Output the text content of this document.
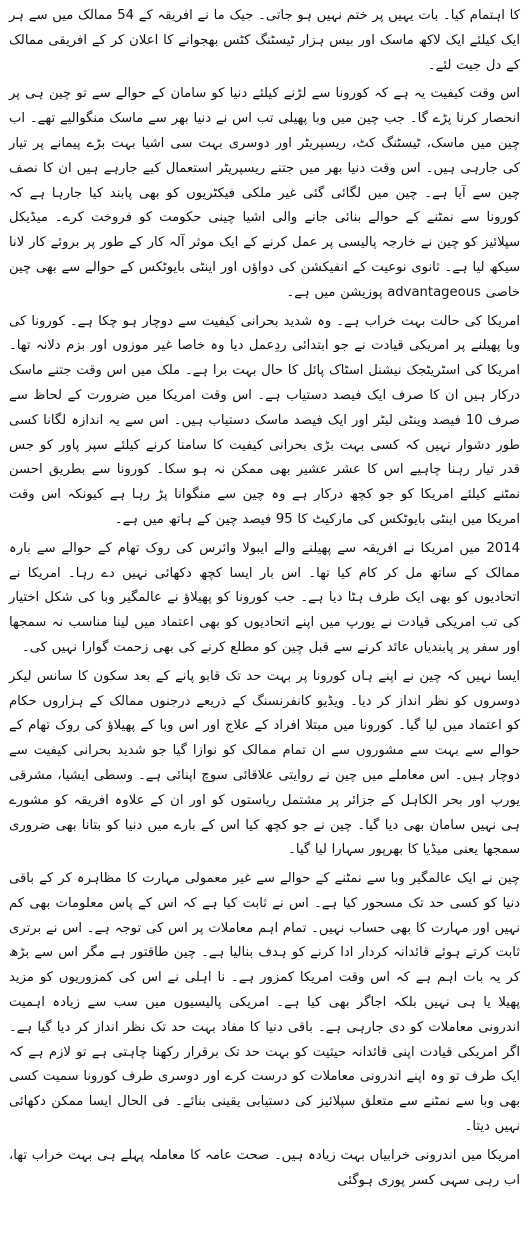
کا اہتمام کیا۔ بات یہیں پر ختم نہیں ہو جاتی۔ جیک ما نے افریقہ کے 54 ممالک میں سے ہر ایک کیلئے ایک لاکھ ماسک اور بیس ہزار ٹیسٹنگ کٹس بھجوانے کا اعلان کر کے افریقی ممالک کے دل جیت لئے۔

اس وقت کیفیت یہ ہے کہ کورونا سے لڑنے کیلئے دنیا کو سامان کے حوالے سے تو چین ہی پر انحصار کرنا پڑے گا۔ جب چین میں وبا پھیلی تب اس نے دنیا بھر سے ماسک منگوالیے تھے۔ اب چین میں ماسک، ٹیسٹنگ کٹ، ریسپریٹر اور دوسری بہت سی اشیا بہت بڑے پیمانے پر تیار کی جارہی ہیں۔ اس وقت دنیا بھر میں جتنے ریسپریٹر استعمال کیے جارہے ہیں ان کا نصف چین سے آیا ہے۔ چین میں لگائی گئی غیر ملکی فیکٹریوں کو بھی پابند کیا جارہا ہے کہ کورونا سے نمٹنے کے حوالے بنائی جانے والی اشیا چینی حکومت کو فروخت کرے۔ میڈیکل سپلائیز کو چین نے خارجہ پالیسی پر عمل کرنے کے ایک موثر آلہ کار کے طور پر بروئے کار لانا سیکھ لیا ہے۔ ثانوی نوعیت کے انفیکشن کی دواؤں اور اینٹی بایوٹکس کے حوالے سے بھی چین خاصی advantageous پوزیشن میں ہے۔

امریکا کی حالت بہت خراب ہے۔ وہ شدید بحرانی کیفیت سے دوچار ہو چکا ہے۔ کورونا کی وبا پھیلنے پر امریکی قیادت نے جو ابتدائی ردِعمل دیا وہ خاصا غیر موزوں اور بزم دلانہ تھا۔ امریکا کی اسٹریٹجک نیشنل اسٹاک پائل کا حال بہت برا ہے۔ ملک میں اس وقت جتنے ماسک درکار ہیں ان کا صرف ایک فیصد دستیاب ہے۔ اس وقت امریکا میں ضرورت کے لحاظ سے صرف 10 فیصد وینٹی لیٹر اور ایک فیصد ماسک دستیاب ہیں۔ اس سے یہ اندازہ لگانا کسی طور دشوار نہیں کہ کسی بہت بڑی بحرانی کیفیت کا سامنا کرنے کیلئے سپر پاور کو جس قدر تیار رہنا چاہیے اس کا عشر عشیر بھی ممکن نہ ہو سکا۔ کورونا سے بطریق احسن نمٹنے کیلئے امریکا کو جو کچھ درکار ہے وہ چین سے منگوانا پڑ رہا ہے کیونکہ اس وقت امریکا میں اینٹی بایوٹکس کی مارکیٹ کا 95 فیصد چین کے ہاتھ میں ہے۔

2014 میں امریکا نے افریقہ سے پھیلنے والے ایبولا وائرس کی روک تھام کے حوالے سے بارہ ممالک کے ساتھ مل کر کام کیا تھا۔ اس بار ایسا کچھ دکھائی نہیں دے رہا۔ امریکا نے اتحادیوں کو بھی ایک طرف ہٹا دیا ہے۔ جب کورونا کو پھیلاؤ نے عالمگیر وبا کی شکل اختیار کی تب امریکی قیادت نے یورپ میں اپنے اتحادیوں کو بھی اعتماد میں لینا مناسب نہ سمجھا اور سفر پر پابندیاں عائد کرنے سے قبل چین کو مطلع کرنے کی بھی زحمت گوارا نہیں کی۔

ایسا نہیں کہ چین نے اپنے ہاں کورونا پر بہت حد تک قابو پانے کے بعد سکون کا سانس لیکر دوسروں کو نظر انداز کر دیا۔ ویڈیو کانفرنسنگ کے ذریعے درجنوں ممالک کے ہزاروں حکام کو اعتماد میں لیا گیا۔ کورونا میں مبتلا افراد کے علاج اور اس وبا کے پھیلاؤ کی روک تھام کے حوالے سے بہت سے مشوروں سے ان تمام ممالک کو نوازا گیا جو شدید بحرانی کیفیت سے دوچار ہیں۔ اس معاملے میں چین نے روایتی علاقائی سوچ اپنائی ہے۔ وسطی ایشیا، مشرقی یورپ اور بحر الکاہل کے جزائر پر مشتمل ریاستوں کو اور ان کے علاوہ افریقہ کو مشورے ہی نہیں سامان بھی دیا گیا۔ چین نے جو کچھ کیا اس کے بارے میں دنیا کو بتانا بھی ضروری سمجھا یعنی میڈیا کا بھرپور سہارا لیا گیا۔

چین نے ایک عالمگیر وبا سے نمٹنے کے حوالے سے غیر معمولی مہارت کا مظاہرہ کر کے باقی دنیا کو کسی حد تک مسحور کیا ہے۔ اس نے ثابت کیا ہے کہ اس کے پاس معلومات بھی کم نہیں اور مہارت کا بھی حساب نہیں۔ تمام اہم معاملات پر اس کی توجہ ہے۔ اس نے برتری ثابت کرتے ہوئے قائدانہ کردار ادا کرنے کو ہدف بنالیا ہے۔ چین طاقتور ہے مگر اس سے بڑھ کر یہ بات اہم ہے کہ اس وقت امریکا کمزور ہے۔ نا اہلی نے اس کی کمزوریوں کو مزید پھیلا یا ہی نہیں بلکہ اجاگر بھی کیا ہے۔ امریکی پالیسیوں میں سب سے زیادہ اہمیت اندرونی معاملات کو دی جارہی ہے۔ باقی دنیا کا مفاد بہت حد تک نظر انداز کر دیا گیا ہے۔ اگر امریکی قیادت اپنی قائدانہ حیثیت کو بہت حد تک برقرار رکھنا چاہتی ہے تو لازم ہے کہ ایک طرف تو وہ اپنے اندرونی معاملات کو درست کرے اور دوسری طرف کورونا سمیت کسی بھی وبا سے نمٹنے سے متعلق سپلائیز کی دستیابی یقینی بنائے۔ فی الحال ایسا ممکن دکھائی نہیں دیتا۔

امریکا میں اندرونی خرابیاں بہت زیادہ ہیں۔ صحت عامہ کا معاملہ پہلے ہی بہت خراب تھا، اب رہی سہی کسر پوری ہوگئی
